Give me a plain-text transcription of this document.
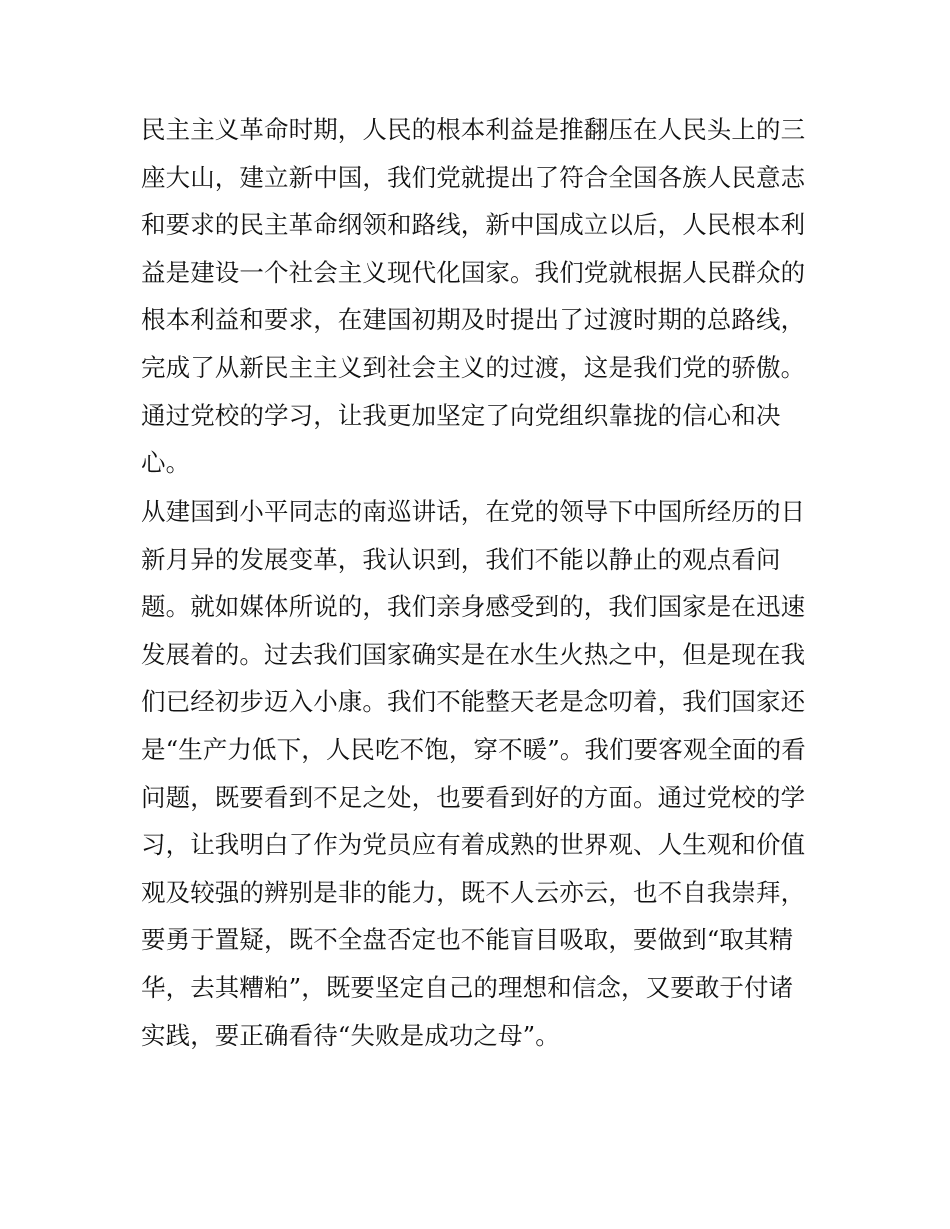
民主主义革命时期，人民的根本利益是推翻压在人民头上的三
座大山，建立新中国，我们党就提出了符合全国各族人民意志
和要求的民主革命纲领和路线，新中国成立以后，人民根本利
益是建设一个社会主义现代化国家。我们党就根据人民群众的
根本利益和要求，在建国初期及时提出了过渡时期的总路线，
完成了从新民主主义到社会主义的过渡，这是我们党的骄傲。
通过党校的学习，让我更加坚定了向党组织靠拢的信心和决
心。
从建国到小平同志的南巡讲话，在党的领导下中国所经历的日
新月异的发展变革，我认识到，我们不能以静止的观点看问
题。就如媒体所说的，我们亲身感受到的，我们国家是在迅速
发展着的。过去我们国家确实是在水生火热之中，但是现在我
们已经初步迈入小康。我们不能整天老是念叨着，我们国家还
是“生产力低下，人民吃不饱，穿不暖”。我们要客观全面的看
问题，既要看到不足之处，也要看到好的方面。通过党校的学
习，让我明白了作为党员应有着成熟的世界观、人生观和价值
观及较强的辨别是非的能力，既不人云亦云，也不自我崇拜，
要勇于置疑，既不全盘否定也不能盲目吸取，要做到“取其精
华，去其糟粕”，既要坚定自己的理想和信念，又要敢于付诸
实践，要正确看待“失败是成功之母”。
